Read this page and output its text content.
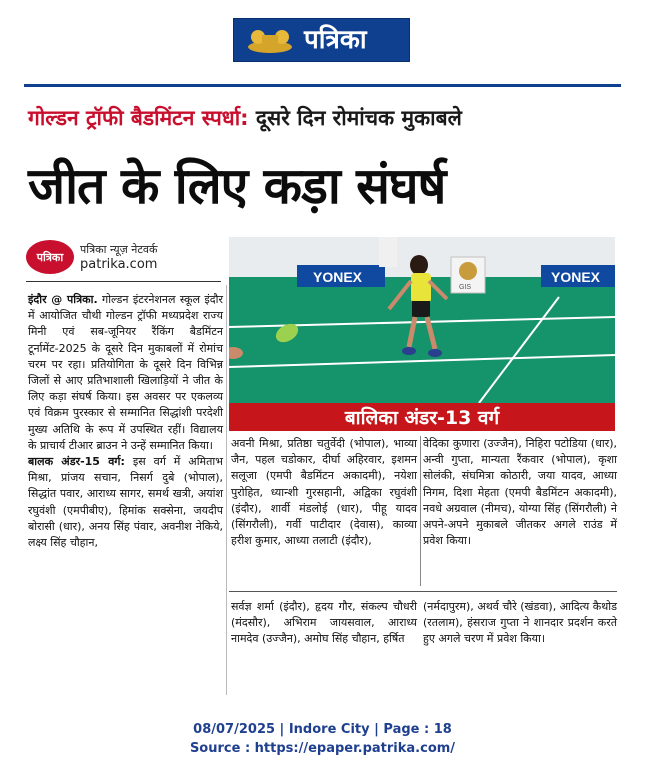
पत्रिका
गोल्डन ट्रॉफी बैडमिंटन स्पर्धा: दूसरे दिन रोमांचक मुकाबले
जीत के लिए कड़ा संघर्ष
पत्रिका
पत्रिका न्यूज़ नेटवर्क
patrika.com
इंदौर @ पत्रिका. गोल्डन इंटरनेशनल स्कूल इंदौर में आयोजित चौथी गोल्डन ट्रॉफी मध्यप्रदेश राज्य मिनी एवं सब-जूनियर रैंकिंग बैडमिंटन टूर्नामेंट-2025 के दूसरे दिन मुकाबलों में रोमांच चरम पर रहा। प्रतियोगिता के दूसरे दिन विभिन्न जिलों से आए प्रतिभाशाली खिलाड़ियों ने जीत के लिए कड़ा संघर्ष किया। इस अवसर पर एकलव्य एवं विक्रम पुरस्कार से सम्मानित सिद्धांशी परदेशी मुख्य अतिथि के रूप में उपस्थित रहीं। विद्यालय के प्राचार्य टीआर ब्राउन ने उन्हें सम्मानित किया।
बालक अंडर-15 वर्ग: इस वर्ग में अमिताभ मिश्रा, प्रांजय सचान, निसर्ग दुबे (भोपाल), सिद्धांत पवार, आराध्य सागर, समर्थ खत्री, अयांश रघुवंशी (एमपीबीए), हिमांक सक्सेना, जयदीप बोरासी (धार), अनय सिंह पंवार, अवनीश नेकिये, लक्ष्य सिंह चौहान,
YONEX
GIS
YONEX
बालिका अंडर-13 वर्ग
अवनी मिश्रा, प्रतिष्ठा चतुर्वेदी (भोपाल), भाव्या जैन, पहल चडोकार, दीर्घा अहिरवार, इशमन सलूजा (एमपी बैडमिंटन अकादमी), नयेशा पुरोहित, ध्यान्शी गुरसहानी, अद्विका रघुवंशी (इंदौर), शार्वी मंडलोई (धार), पीहू यादव (सिंगरौली), गर्वी पाटीदार (देवास), काव्या हरीश कुमार, आध्या तलाटी (इंदौर),
वेदिका कुणारा (उज्जैन), निहिरा पटोडिया (धार), अन्वी गुप्ता, मान्यता रैंकवार (भोपाल), कृशा सोलंकी, संघमित्रा कोठारी, जया यादव, आध्या निगम, दिशा मेहता (एमपी बैडमिंटन अकादमी), नवधे अग्रवाल (नीमच), योग्या सिंह (सिंगरौली) ने अपने-अपने मुकाबले जीतकर अगले राउंड में प्रवेश किया।
सर्वज्ञ शर्मा (इंदौर), हृदय गौर, संकल्प चौधरी (मंदसौर), अभिराम जायसवाल, आराध्य नामदेव (उज्जैन), अमोघ सिंह चौहान, हर्षित
(नर्मदापुरम), अथर्व चौरे (खंडवा), आदित्य कैथोड (रतलाम), हंसराज गुप्ता ने शानदार प्रदर्शन करते हुए अगले चरण में प्रवेश किया।
08/07/2025 | Indore City | Page : 18
Source : https://epaper.patrika.com/
